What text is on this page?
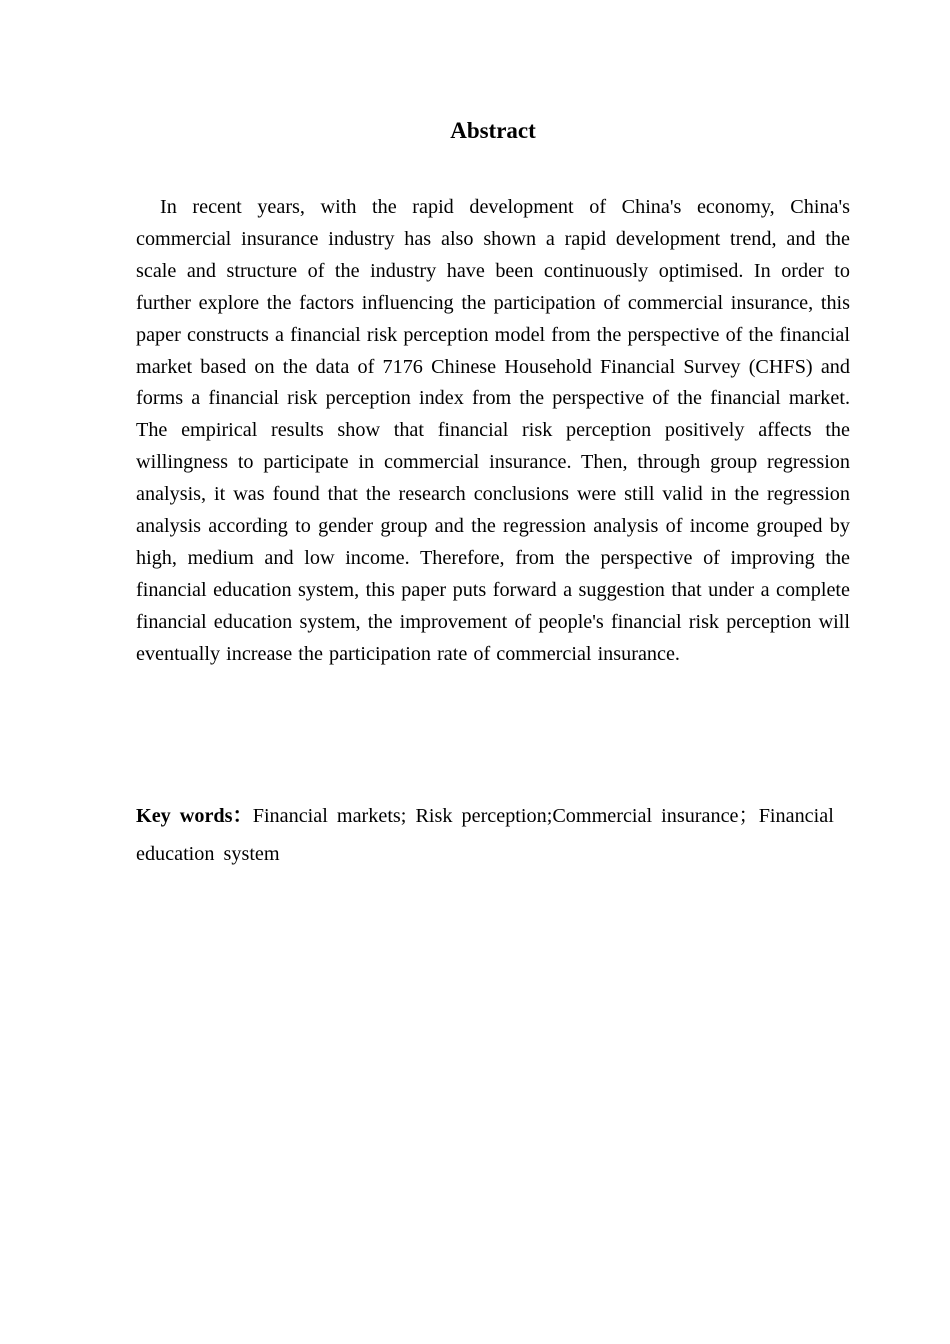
Abstract

In recent years, with the rapid development of China's economy, China's commercial insurance industry has also shown a rapid development trend, and the scale and structure of the industry have been continuously optimised. In order to further explore the factors influencing the participation of commercial insurance, this paper constructs a financial risk perception model from the perspective of the financial market based on the data of 7176 Chinese Household Financial Survey (CHFS) and forms a financial risk perception index from the perspective of the financial market. The empirical results show that financial risk perception positively affects the willingness to participate in commercial insurance. Then, through group regression analysis, it was found that the research conclusions were still valid in the regression analysis according to gender group and the regression analysis of income grouped by high, medium and low income. Therefore, from the perspective of improving the financial education system, this paper puts forward a suggestion that under a complete financial education system, the improvement of people's financial risk perception will eventually increase the participation rate of commercial insurance.

Key words：Financial markets; Risk perception;Commercial insurance；Financial education system
